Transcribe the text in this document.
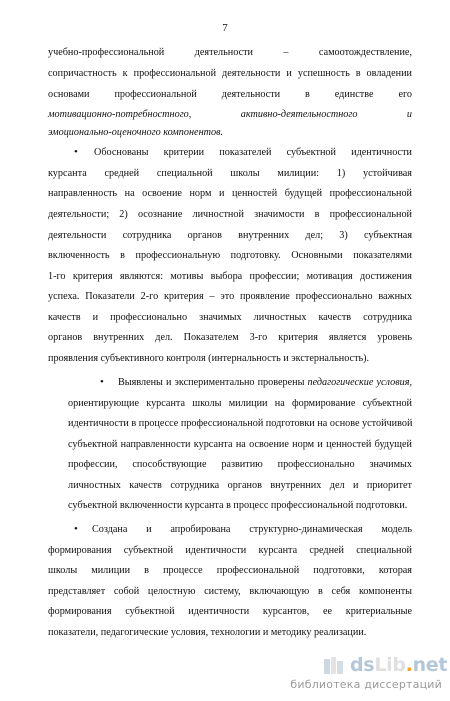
7
учебно-профессиональной деятельности – самоотождествление,
сопричастность к профессиональной деятельности и успешность в овладении
основами профессиональной деятельности в единстве его
мотивационно-потребностного, активно-деятельностного и
эмоционально-оценочного компонентов.
• Обоснованы критерии показателей субъектной идентичности
курсанта средней специальной школы милиции: 1) устойчивая
направленность на освоение норм и ценностей будущей профессиональной
деятельности; 2) осознание личностной значимости в профессиональной
деятельности сотрудника органов внутренних дел; 3) субъектная
включенность в профессиональную подготовку. Основными показателями
1-го критерия являются: мотивы выбора профессии; мотивация достижения
успеха. Показатели 2-го критерия – это проявление профессионально важных
качеств и профессионально значимых личностных качеств сотрудника
органов внутренних дел. Показателем 3-го критерия является уровень
проявления субъективного контроля (интернальность и экстернальность).
• Выявлены и экспериментально проверены педагогические условия,
ориентирующие курсанта школы милиции на формирование субъектной
идентичности в процессе профессиональной подготовки на основе устойчивой
субъектной направленности курсанта на освоение норм и ценностей будущей
профессии, способствующие развитию профессионально значимых
личностных качеств сотрудника органов внутренних дел и приоритет
субъектной включенности курсанта в процесс профессиональной подготовки.
• Создана и апробирована структурно-динамическая модель
формирования субъектной идентичности курсанта средней специальной
школы милиции в процессе профессиональной подготовки, которая
представляет собой целостную систему, включающую в себя компоненты
формирования субъектной идентичности курсантов, ее критериальные
показатели, педагогические условия, технологии и методику реализации.
dsLib.net
библиотека диссертаций
